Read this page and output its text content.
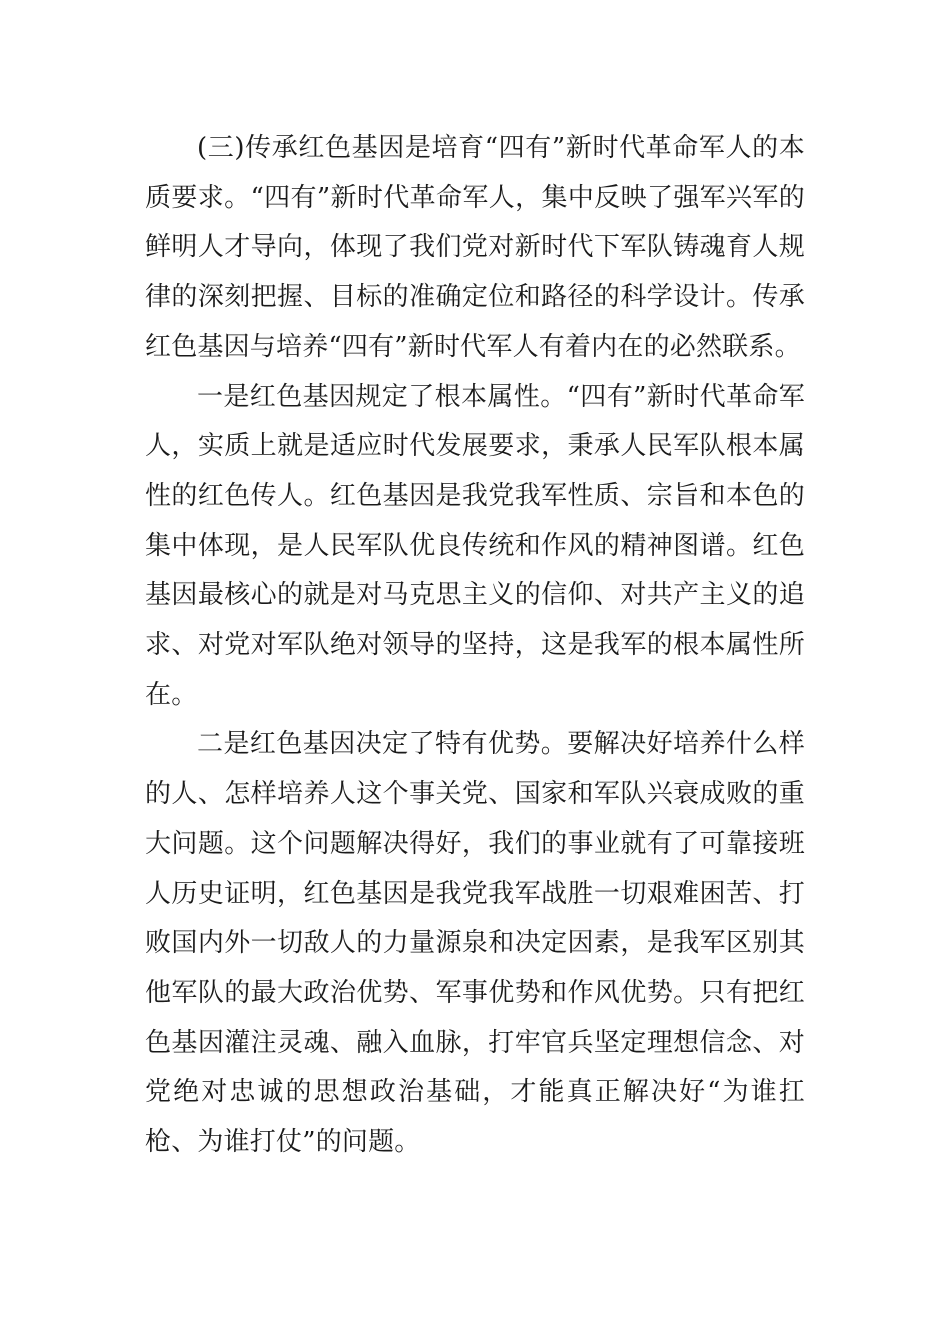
(三)传承红色基因是培育“四有”新时代革命军人的本质要求。“四有”新时代革命军人，集中反映了强军兴军的鲜明人才导向，体现了我们党对新时代下军队铸魂育人规律的深刻把握、目标的准确定位和路径的科学设计。传承红色基因与培养“四有”新时代军人有着内在的必然联系。

一是红色基因规定了根本属性。“四有”新时代革命军人，实质上就是适应时代发展要求，秉承人民军队根本属性的红色传人。红色基因是我党我军性质、宗旨和本色的集中体现，是人民军队优良传统和作风的精神图谱。红色基因最核心的就是对马克思主义的信仰、对共产主义的追求、对党对军队绝对领导的坚持，这是我军的根本属性所在。

二是红色基因决定了特有优势。要解决好培养什么样的人、怎样培养人这个事关党、国家和军队兴衰成败的重大问题。这个问题解决得好，我们的事业就有了可靠接班人历史证明，红色基因是我党我军战胜一切艰难困苦、打败国内外一切敌人的力量源泉和决定因素，是我军区别其他军队的最大政治优势、军事优势和作风优势。只有把红色基因灌注灵魂、融入血脉，打牢官兵坚定理想信念、对党绝对忠诚的思想政治基础，才能真正解决好“为谁扛枪、为谁打仗”的问题。
